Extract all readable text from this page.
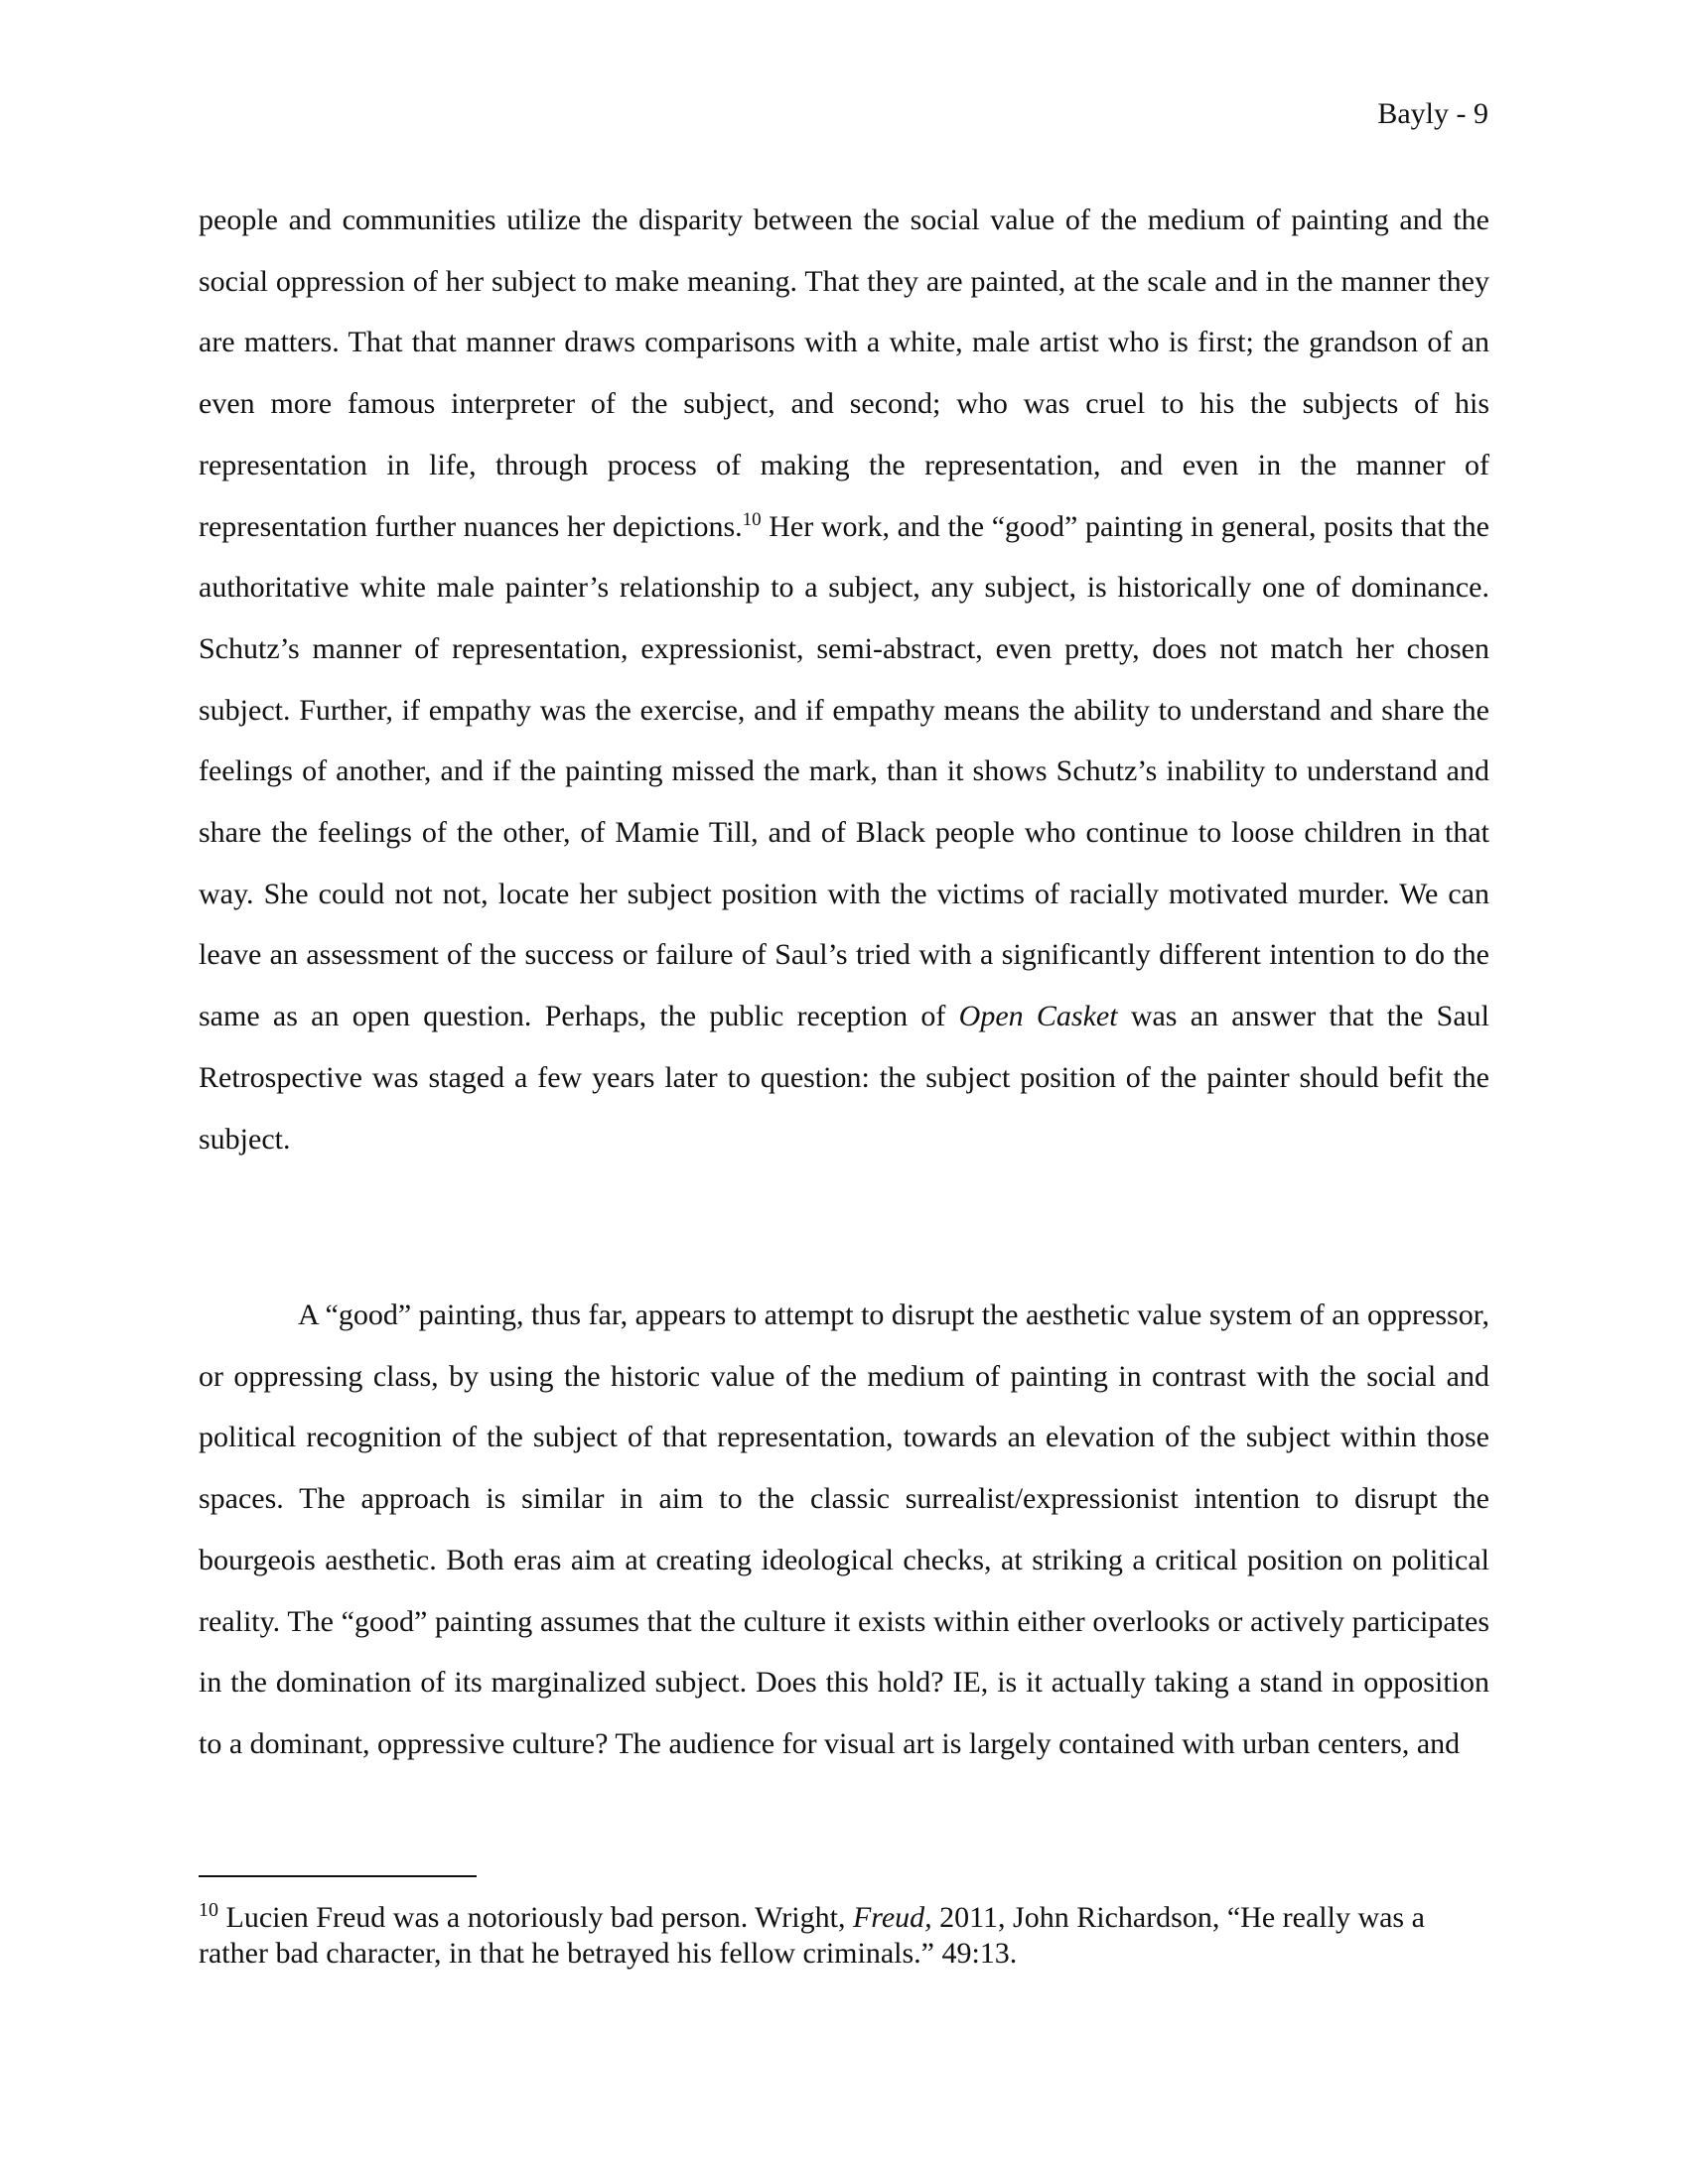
Bayly - 9

people and communities utilize the disparity between the social value of the medium of painting and the social oppression of her subject to make meaning. That they are painted, at the scale and in the manner they are matters. That that manner draws comparisons with a white, male artist who is first; the grandson of an even more famous interpreter of the subject, and second; who was cruel to his the subjects of his representation in life, through process of making the representation, and even in the manner of representation further nuances her depictions.$^{10}$ Her work, and the “good” painting in general, posits that the authoritative white male painter’s relationship to a subject, any subject, is historically one of dominance. Schutz’s manner of representation, expressionist, semi-abstract, even pretty, does not match her chosen subject. Further, if empathy was the exercise, and if empathy means the ability to understand and share the feelings of another, and if the painting missed the mark, than it shows Schutz’s inability to understand and share the feelings of the other, of Mamie Till, and of Black people who continue to loose children in that way. She could not not, locate her subject position with the victims of racially motivated murder. We can leave an assessment of the success or failure of Saul’s tried with a significantly different intention to do the same as an open question. Perhaps, the public reception of Open Casket was an answer that the Saul Retrospective was staged a few years later to question: the subject position of the painter should befit the subject.

A “good” painting, thus far, appears to attempt to disrupt the aesthetic value system of an oppressor, or oppressing class, by using the historic value of the medium of painting in contrast with the social and political recognition of the subject of that representation, towards an elevation of the subject within those spaces. The approach is similar in aim to the classic surrealist/expressionist intention to disrupt the bourgeois aesthetic. Both eras aim at creating ideological checks, at striking a critical position on political reality. The “good” painting assumes that the culture it exists within either overlooks or actively participates in the domination of its marginalized subject. Does this hold? IE, is it actually taking a stand in opposition to a dominant, oppressive culture? The audience for visual art is largely contained with urban centers, and

$^{10}$ Lucien Freud was a notoriously bad person. Wright, Freud, 2011, John Richardson, “He really was a rather bad character, in that he betrayed his fellow criminals.” 49:13.
